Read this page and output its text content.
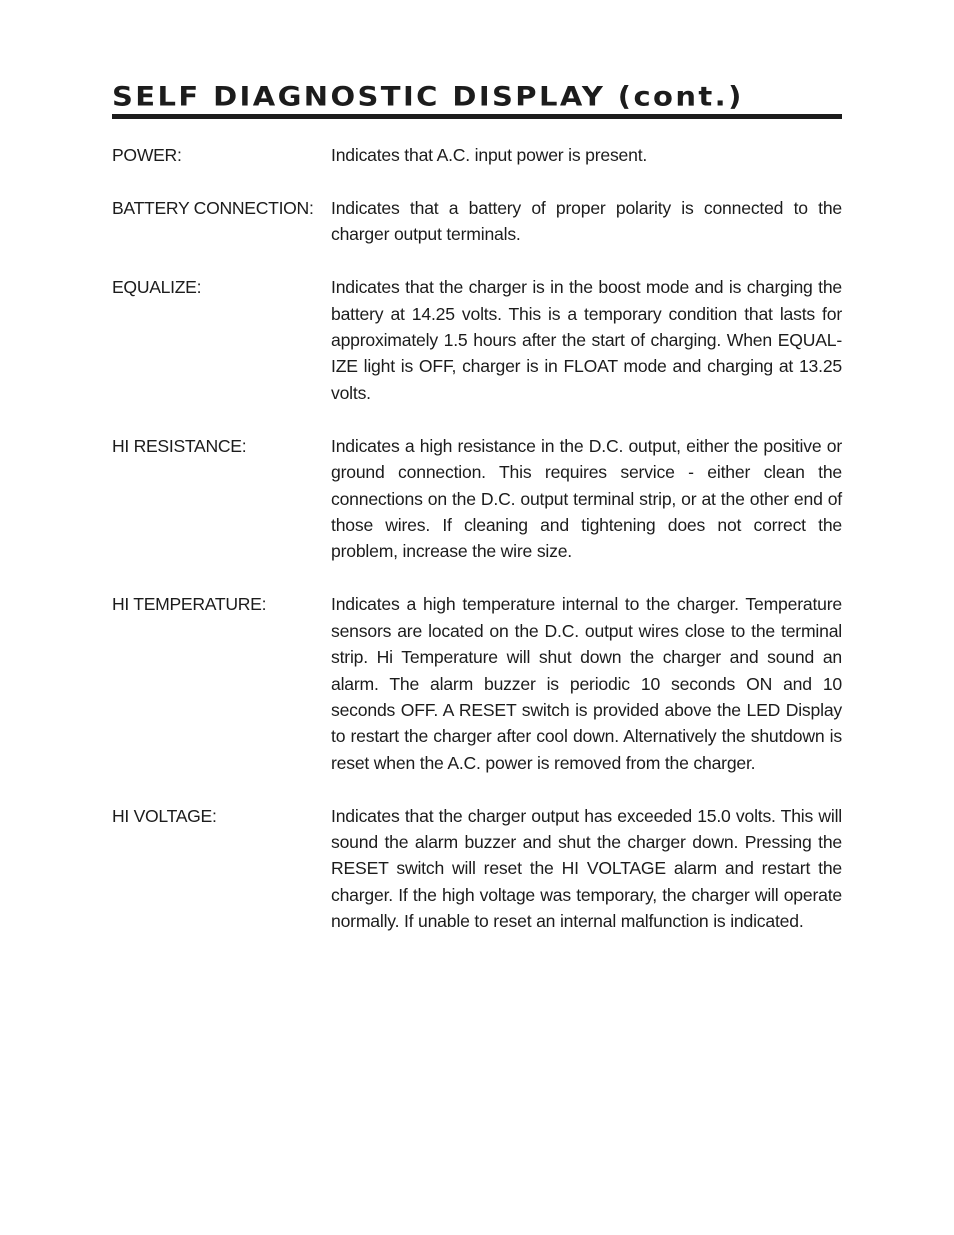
SELF DIAGNOSTIC DISPLAY (cont.)
POWER:	Indicates that A.C. input power is present.
BATTERY CONNECTION: Indicates that a battery of proper polarity is connected to the charger output terminals.
EQUALIZE:	Indicates that the charger is in the boost mode and is charging the battery at 14.25 volts. This is a temporary condition that lasts for approximately 1.5 hours after the start of charging. When EQUAL-IZE light is OFF, charger is in FLOAT mode and charging at 13.25 volts.
HI RESISTANCE:	Indicates a high resistance in the D.C. output, either the positive or ground connection. This requires service - either clean the connections on the D.C. output terminal strip, or at the other end of those wires. If cleaning and tightening does not correct the problem, increase the wire size.
HI TEMPERATURE:	Indicates a high temperature internal to the charger. Temperature sensors are located on the D.C. output wires close to the terminal strip. Hi Temperature will shut down the charger and sound an alarm. The alarm buzzer is periodic 10 seconds ON and 10 seconds OFF. A RESET switch is provided above the LED Display to restart the charger after cool down. Alternatively the shutdown is reset when the A.C. power is removed from the charger.
HI VOLTAGE:	Indicates that the charger output has exceeded 15.0 volts. This will sound the alarm buzzer and shut the charger down. Pressing the RESET switch will reset the HI VOLTAGE alarm and restart the charger. If the high voltage was temporary, the charger will operate normally. If unable to reset an internal malfunction is indicated.
